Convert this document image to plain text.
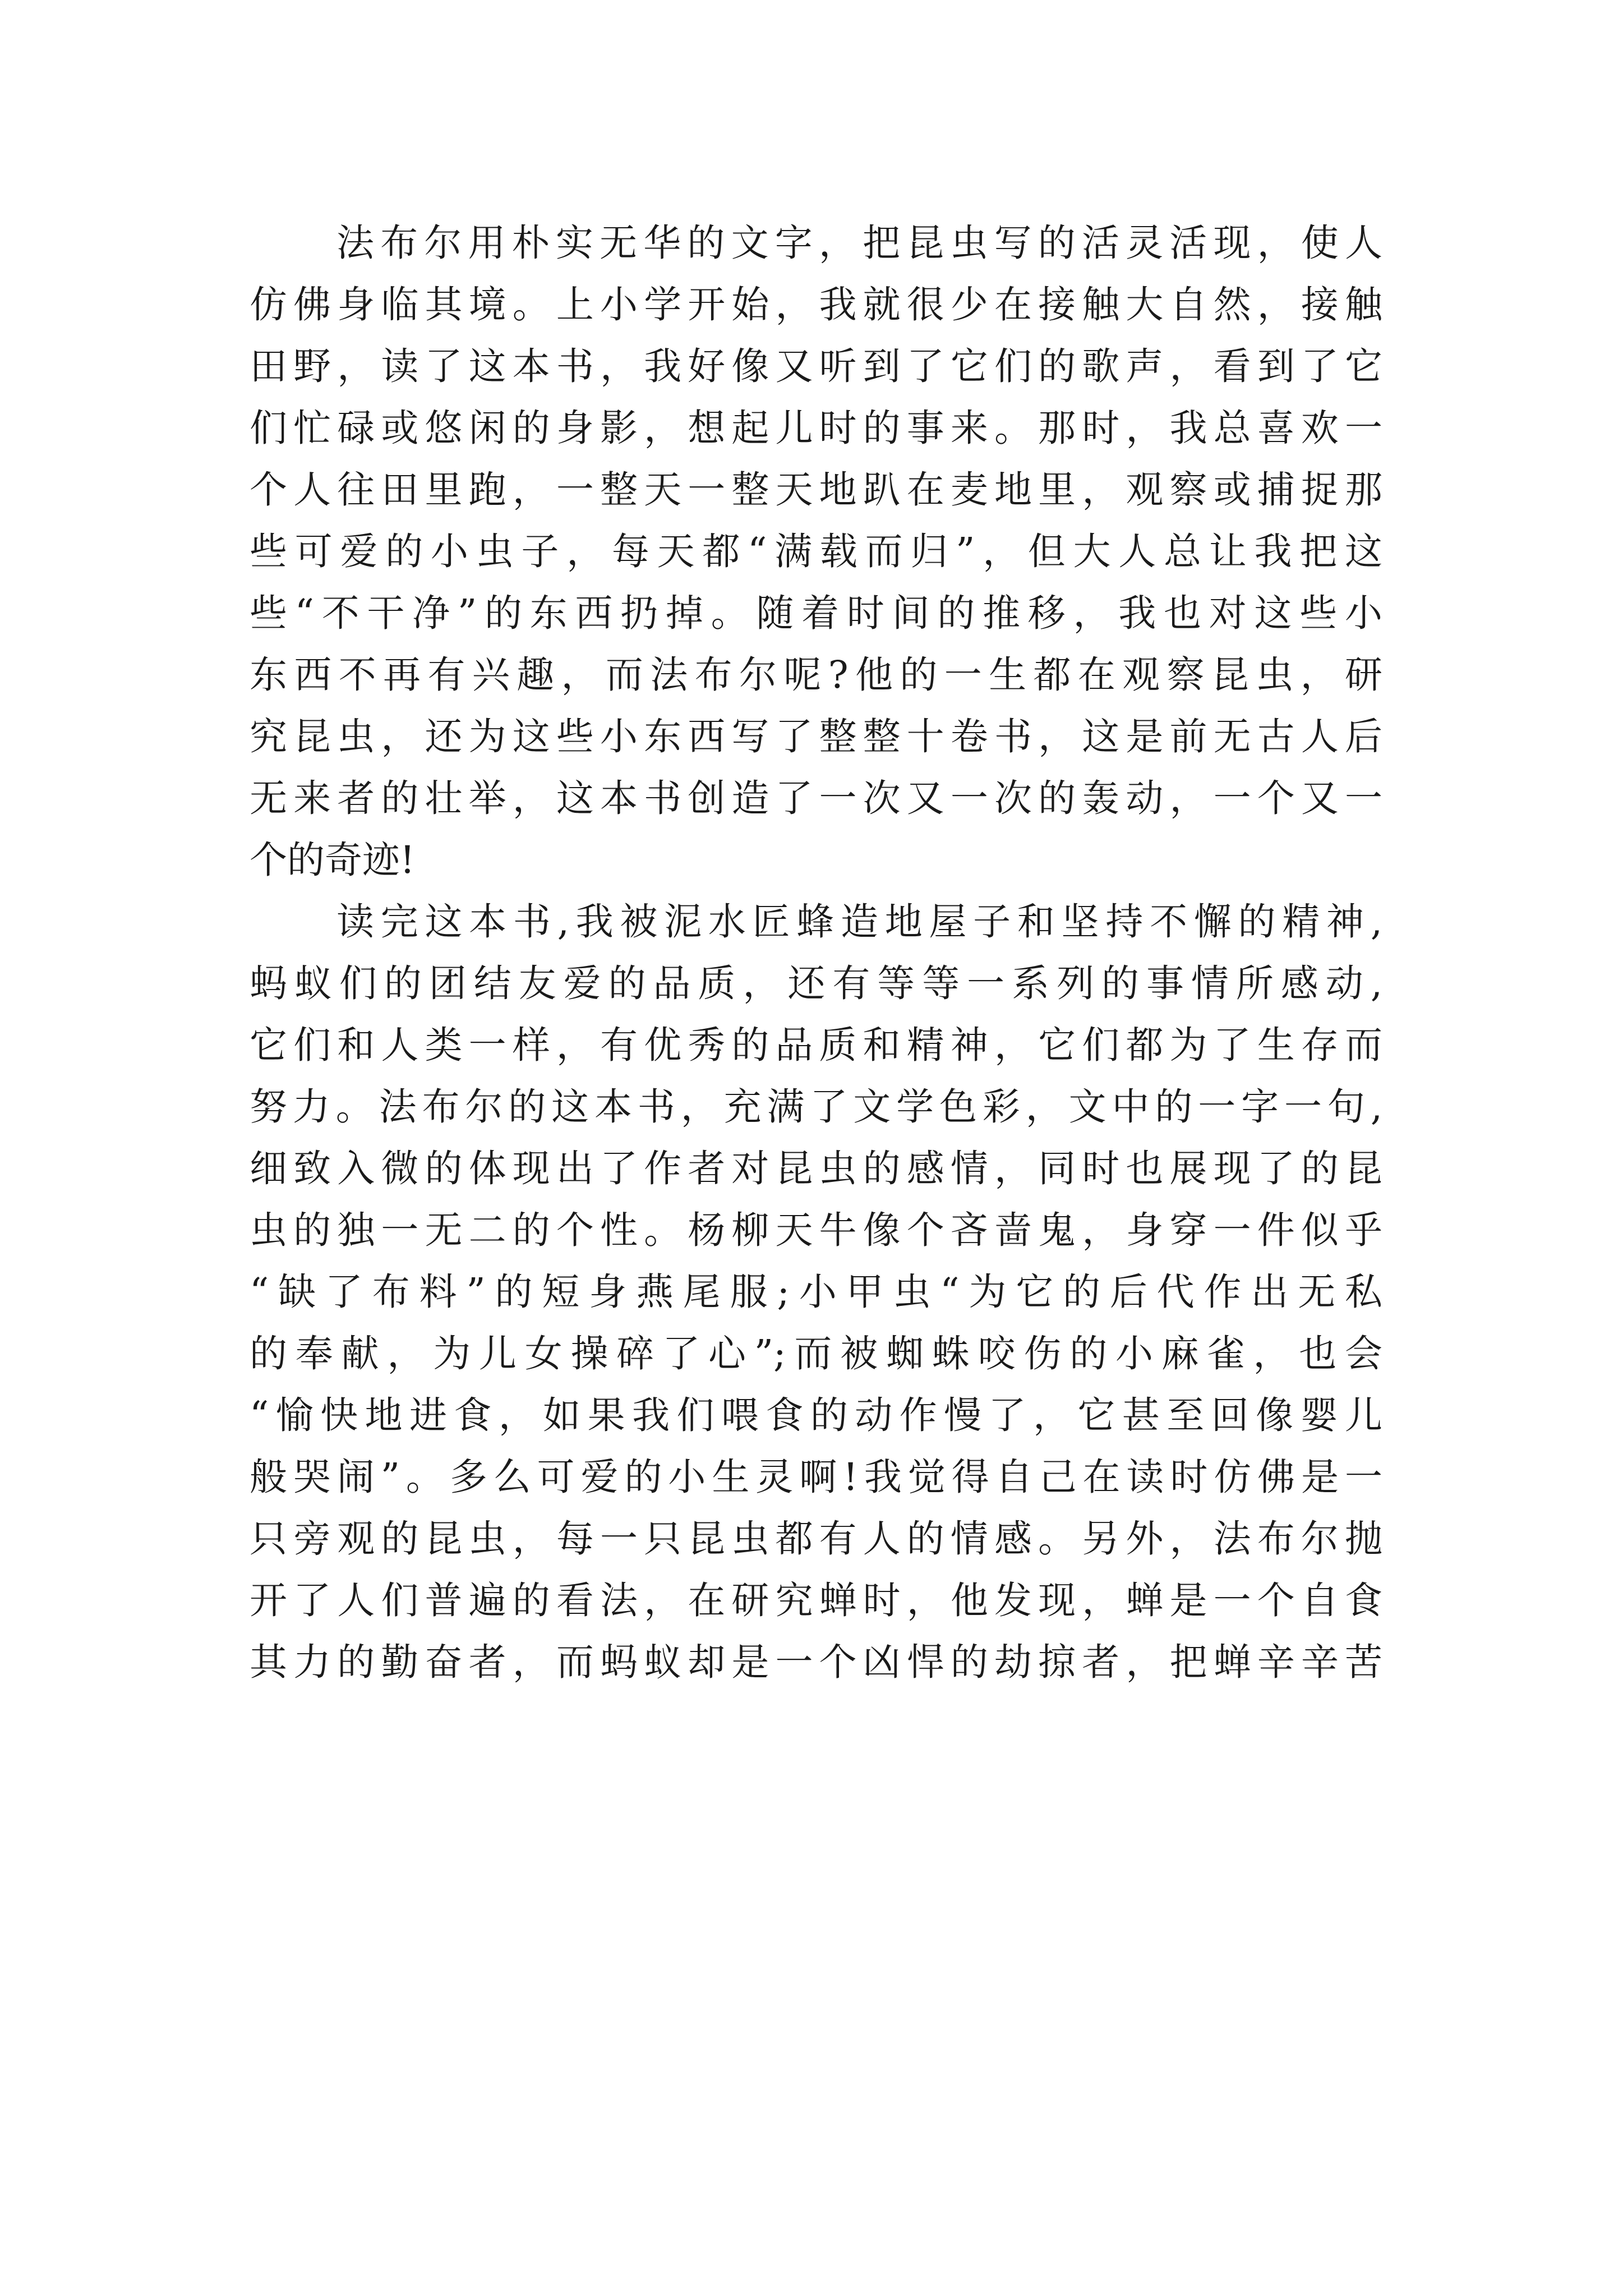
法布尔用朴实无华的文字，把昆虫写的活灵活现，使人
仿佛身临其境。上小学开始，我就很少在接触大自然，接触
田野，读了这本书，我好像又听到了它们的歌声，看到了它
们忙碌或悠闲的身影，想起儿时的事来。那时，我总喜欢一
个人往田里跑，一整天一整天地趴在麦地里，观察或捕捉那
些可爱的小虫子，每天都“满载而归”，但大人总让我把这
些“不干净”的东西扔掉。随着时间的推移，我也对这些小
东西不再有兴趣，而法布尔呢?他的一生都在观察昆虫，研
究昆虫，还为这些小东西写了整整十卷书，这是前无古人后
无来者的壮举，这本书创造了一次又一次的轰动，一个又一
个的奇迹!
读完这本书,我被泥水匠蜂造地屋子和坚持不懈的精神,
蚂蚁们的团结友爱的品质，还有等等一系列的事情所感动,
它们和人类一样，有优秀的品质和精神，它们都为了生存而
努力。法布尔的这本书，充满了文学色彩，文中的一字一句,
细致入微的体现出了作者对昆虫的感情，同时也展现了的昆
虫的独一无二的个性。杨柳天牛像个吝啬鬼，身穿一件似乎
“缺了布料”的短身燕尾服;小甲虫“为它的后代作出无私
的奉献，为儿女操碎了心”;而被蜘蛛咬伤的小麻雀，也会
“愉快地进食，如果我们喂食的动作慢了，它甚至回像婴儿
般哭闹”。多么可爱的小生灵啊!我觉得自己在读时仿佛是一
只旁观的昆虫，每一只昆虫都有人的情感。另外，法布尔抛
开了人们普遍的看法，在研究蝉时，他发现，蝉是一个自食
其力的勤奋者，而蚂蚁却是一个凶悍的劫掠者，把蝉辛辛苦
